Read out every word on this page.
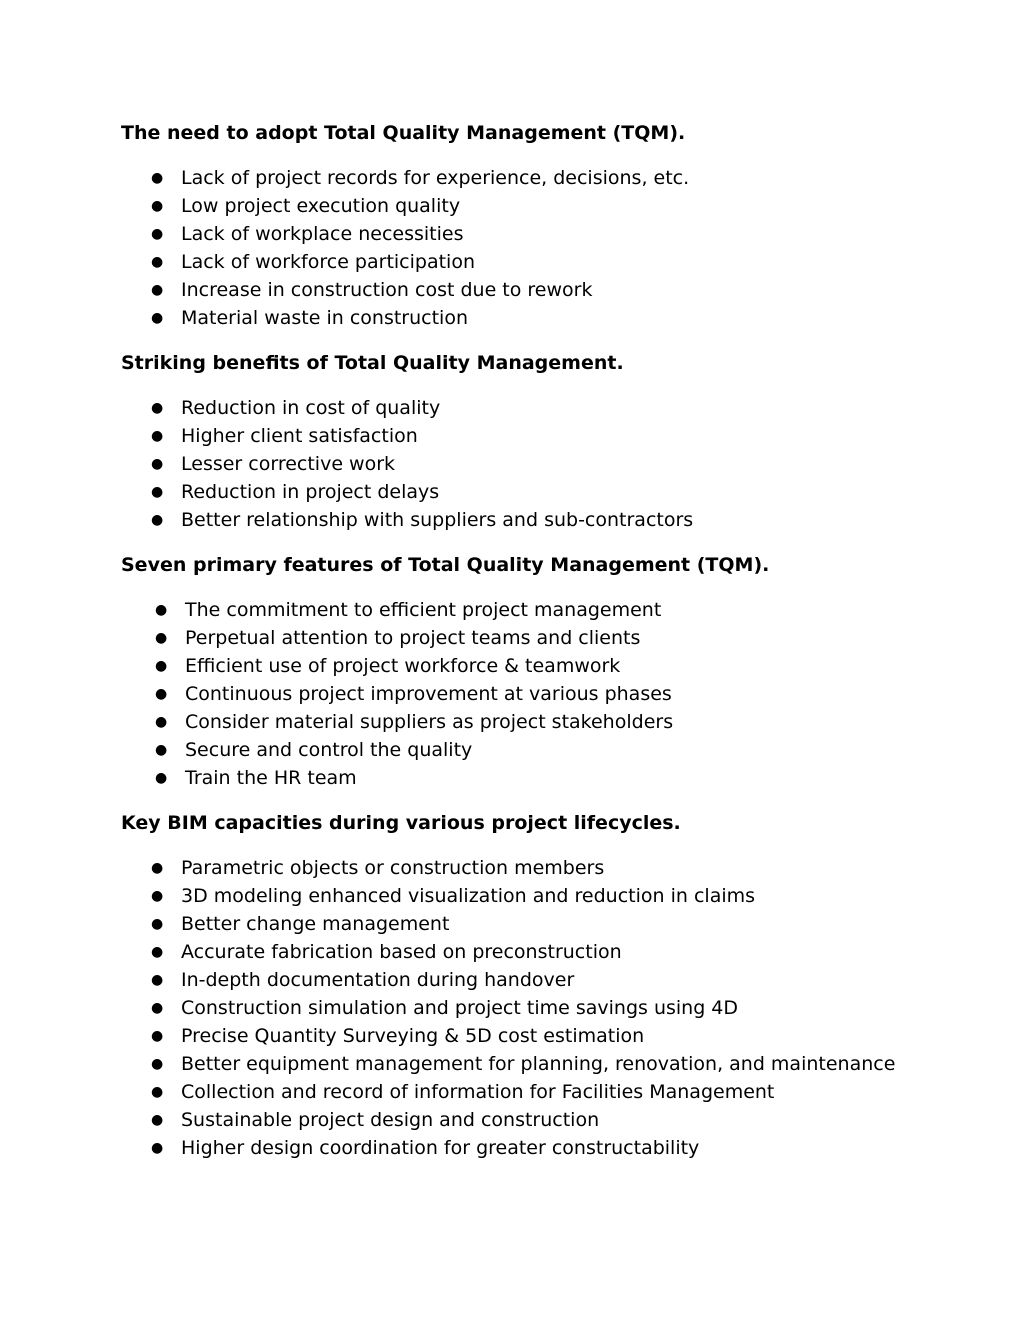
The need to adopt Total Quality Management (TQM).
● Lack of project records for experience, decisions, etc.
● Low project execution quality
● Lack of workplace necessities
● Lack of workforce participation
● Increase in construction cost due to rework
● Material waste in construction
Striking benefits of Total Quality Management.
● Reduction in cost of quality
● Higher client satisfaction
● Lesser corrective work
● Reduction in project delays
● Better relationship with suppliers and sub-contractors
Seven primary features of Total Quality Management (TQM).
● The commitment to efficient project management
● Perpetual attention to project teams and clients
● Efficient use of project workforce & teamwork
● Continuous project improvement at various phases
● Consider material suppliers as project stakeholders
● Secure and control the quality
● Train the HR team
Key BIM capacities during various project lifecycles.
● Parametric objects or construction members
● 3D modeling enhanced visualization and reduction in claims
● Better change management
● Accurate fabrication based on preconstruction
● In-depth documentation during handover
● Construction simulation and project time savings using 4D
● Precise Quantity Surveying & 5D cost estimation
● Better equipment management for planning, renovation, and maintenance
● Collection and record of information for Facilities Management
● Sustainable project design and construction
● Higher design coordination for greater constructability
